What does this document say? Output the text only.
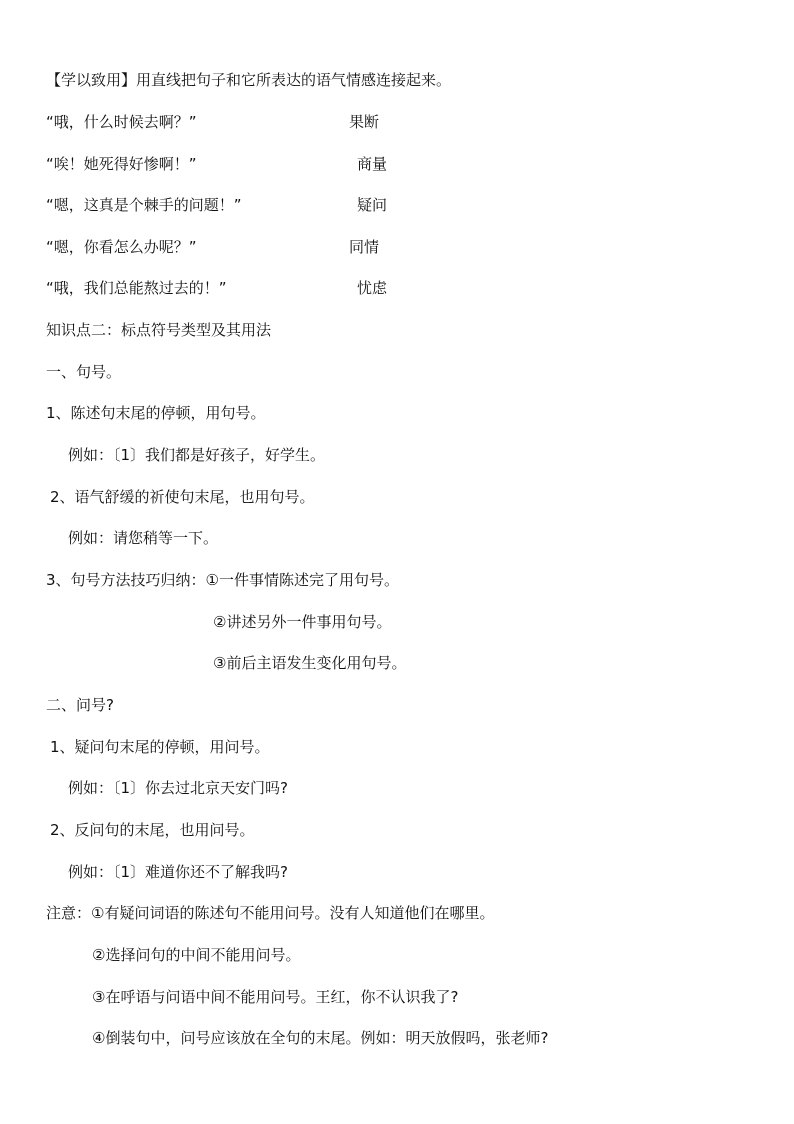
【学以致用】用直线把句子和它所表达的语气情感连接起来。
“哦，什么时候去啊？”	果断
“唉！她死得好惨啊！”	商量
“嗯，这真是个棘手的问题！”	疑问
“嗯，你看怎么办呢？”	同情
“哦，我们总能熬过去的！”	忧虑
知识点二：标点符号类型及其用法
一、句号。
1、陈述句末尾的停顿，用句号。
例如：〔1〕我们都是好孩子，好学生。
2、语气舒缓的祈使句末尾，也用句号。
例如：请您稍等一下。
3、句号方法技巧归纳：①一件事情陈述完了用句号。
②讲述另外一件事用句号。
③前后主语发生变化用句号。
二、问号?
1、疑问句末尾的停顿，用问号。
例如：〔1〕你去过北京天安门吗?
2、反问句的末尾，也用问号。
例如：〔1〕难道你还不了解我吗?
注意：①有疑问词语的陈述句不能用问号。没有人知道他们在哪里。
②选择问句的中间不能用问号。
③在呼语与问语中间不能用问号。王红，你不认识我了?
④倒装句中，问号应该放在全句的末尾。例如：明天放假吗，张老师?
